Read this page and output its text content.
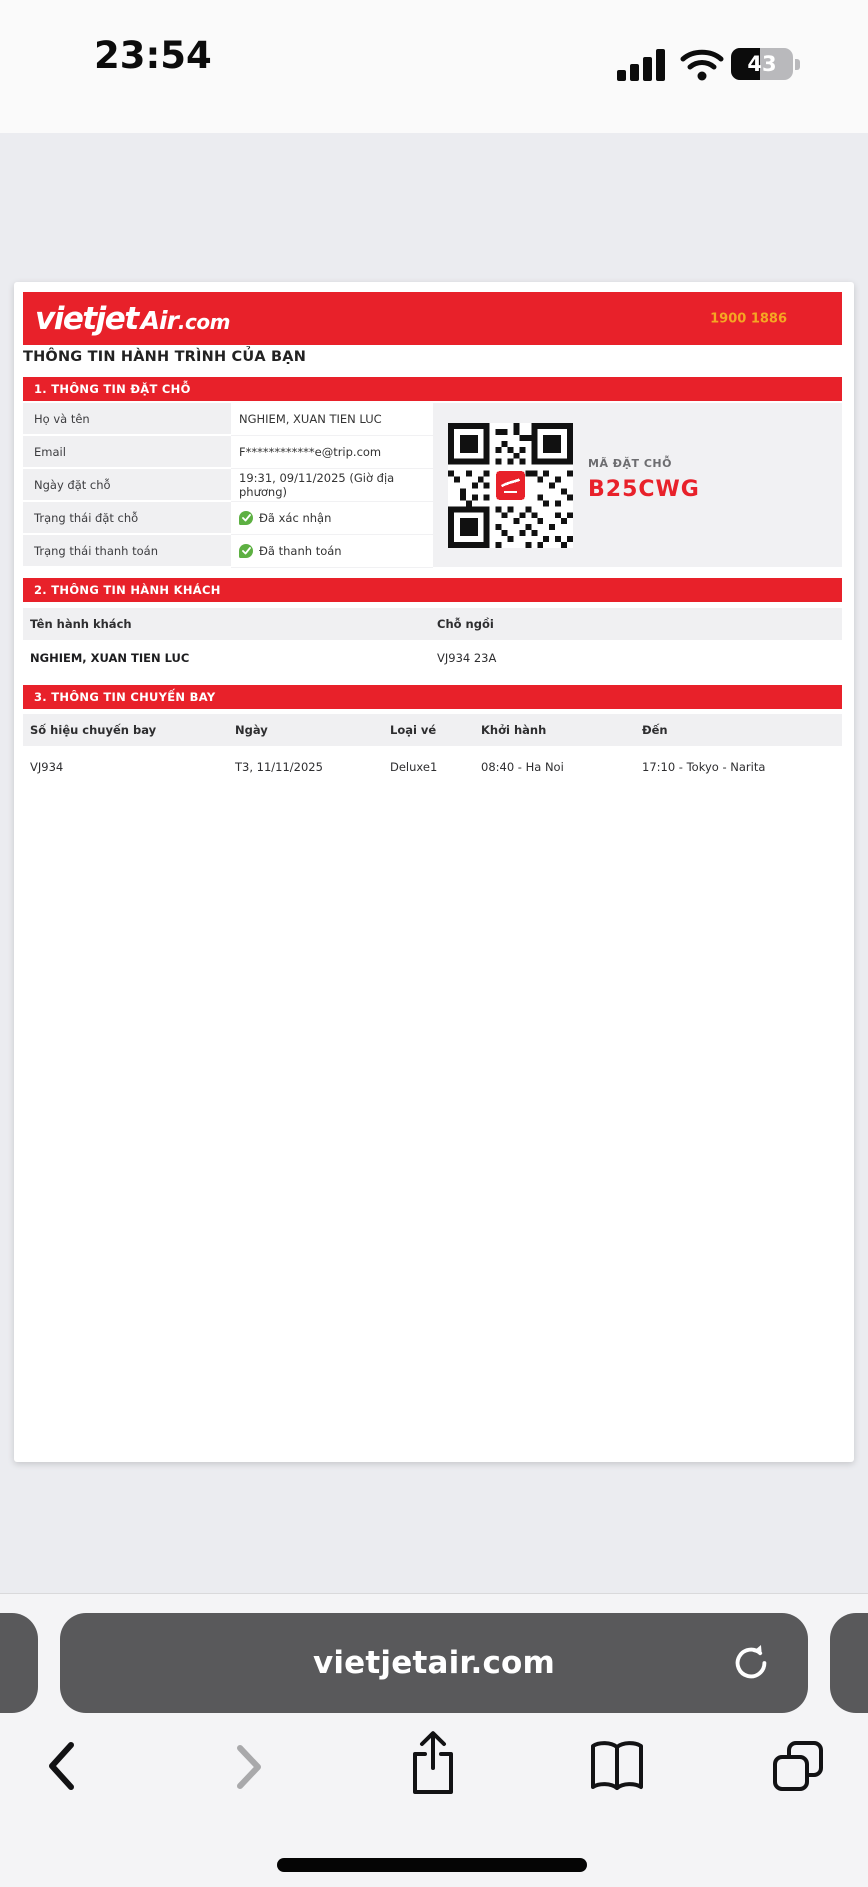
23:54	43
vietjet Air.com	1900 1886
THÔNG TIN HÀNH TRÌNH CỦA BẠN
1. THÔNG TIN ĐẶT CHỖ
Họ và tên	NGHIEM, XUAN TIEN LUC
Email	F************e@trip.com
Ngày đặt chỗ	19:31, 09/11/2025 (Giờ địa phương)
Trạng thái đặt chỗ	Đã xác nhận
Trạng thái thanh toán	Đã thanh toán
MÃ ĐẶT CHỖ
B25CWG
2. THÔNG TIN HÀNH KHÁCH
Tên hành khách	Chỗ ngồi
NGHIEM, XUAN TIEN LUC	VJ934 23A
3. THÔNG TIN CHUYẾN BAY
Số hiệu chuyến bay	Ngày	Loại vé	Khởi hành	Đến
VJ934	T3, 11/11/2025	Deluxe1	08:40 - Ha Noi	17:10 - Tokyo - Narita
vietjetair.com
